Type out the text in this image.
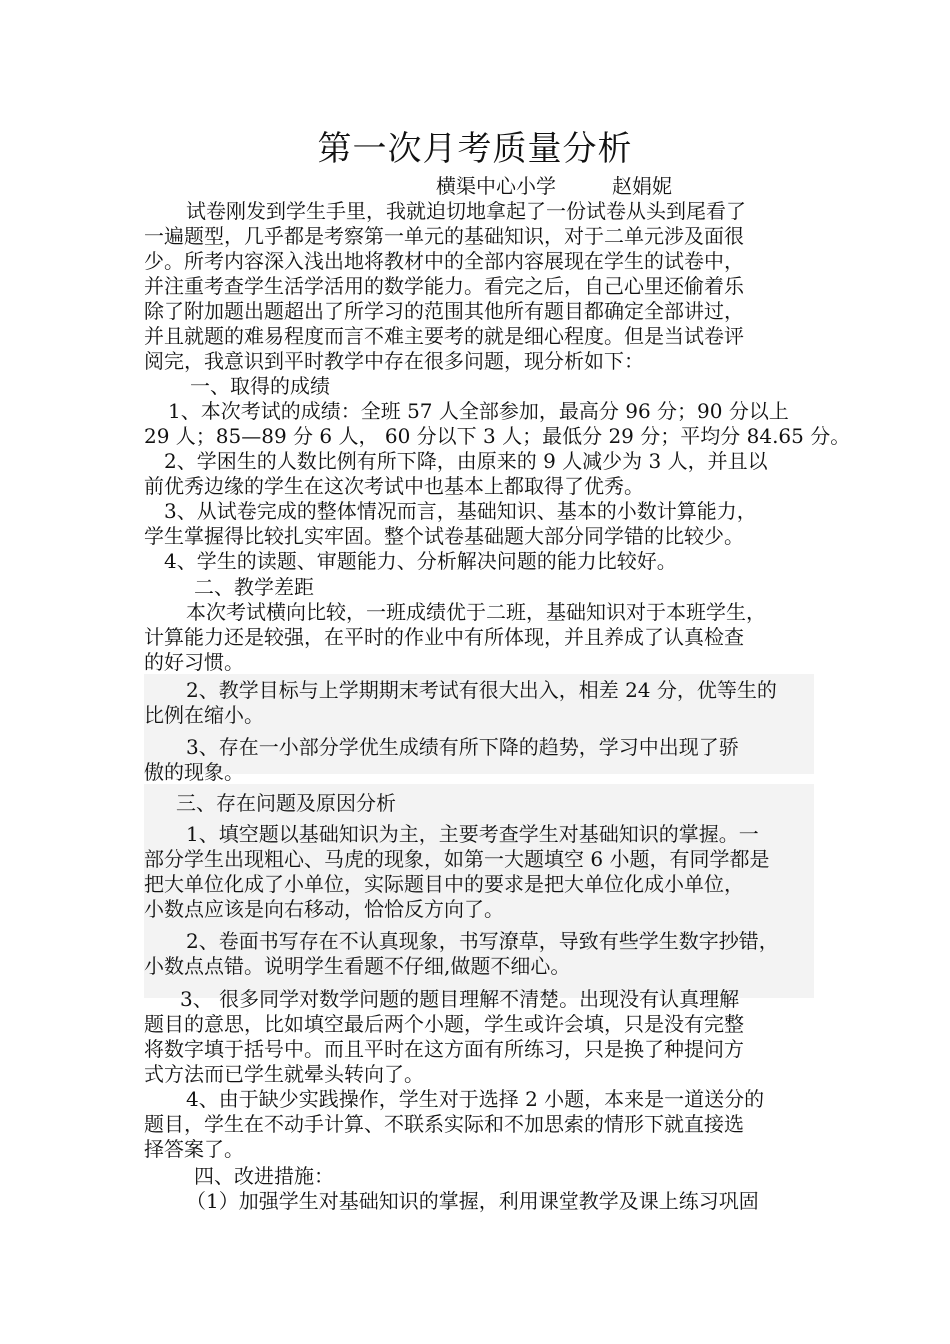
第一次月考质量分析
横渠中心小学	赵娟妮
试卷刚发到学生手里，我就迫切地拿起了一份试卷从头到尾看了
一遍题型，几乎都是考察第一单元的基础知识，对于二单元涉及面很
少。所考内容深入浅出地将教材中的全部内容展现在学生的试卷中，
并注重考查学生活学活用的数学能力。看完之后，自己心里还偷着乐
除了附加题出题超出了所学习的范围其他所有题目都确定全部讲过，
并且就题的难易程度而言不难主要考的就是细心程度。但是当试卷评
阅完，我意识到平时教学中存在很多问题，现分析如下：
一、取得的成绩
1、本次考试的成绩：全班 57 人全部参加，最高分 96 分；90 分以上
29 人；85—89 分 6 人， 60 分以下 3 人；最低分 29 分；平均分 84.65 分。
2、学困生的人数比例有所下降，由原来的 9 人减少为 3 人，并且以
前优秀边缘的学生在这次考试中也基本上都取得了优秀。
3、从试卷完成的整体情况而言，基础知识、基本的小数计算能力，
学生掌握得比较扎实牢固。整个试卷基础题大部分同学错的比较少。
4、学生的读题、审题能力、分析解决问题的能力比较好。
二、教学差距
本次考试横向比较，一班成绩优于二班，基础知识对于本班学生，
计算能力还是较强，在平时的作业中有所体现，并且养成了认真检查
的好习惯。
2、教学目标与上学期期末考试有很大出入，相差 24 分，优等生的
比例在缩小。
3、存在一小部分学优生成绩有所下降的趋势，学习中出现了骄
傲的现象。
三、存在问题及原因分析
1、填空题以基础知识为主，主要考查学生对基础知识的掌握。一
部分学生出现粗心、马虎的现象，如第一大题填空 6 小题，有同学都是
把大单位化成了小单位，实际题目中的要求是把大单位化成小单位，
小数点应该是向右移动，恰恰反方向了。
2、卷面书写存在不认真现象，书写潦草，导致有些学生数字抄错，
小数点点错。说明学生看题不仔细,做题不细心。
3、 很多同学对数学问题的题目理解不清楚。出现没有认真理解
题目的意思，比如填空最后两个小题，学生或许会填，只是没有完整
将数字填于括号中。而且平时在这方面有所练习，只是换了种提问方
式方法而已学生就晕头转向了。
4、由于缺少实践操作，学生对于选择 2 小题，本来是一道送分的
题目，学生在不动手计算、不联系实际和不加思索的情形下就直接选
择答案了。
四、改进措施：
（1）加强学生对基础知识的掌握，利用课堂教学及课上练习巩固
